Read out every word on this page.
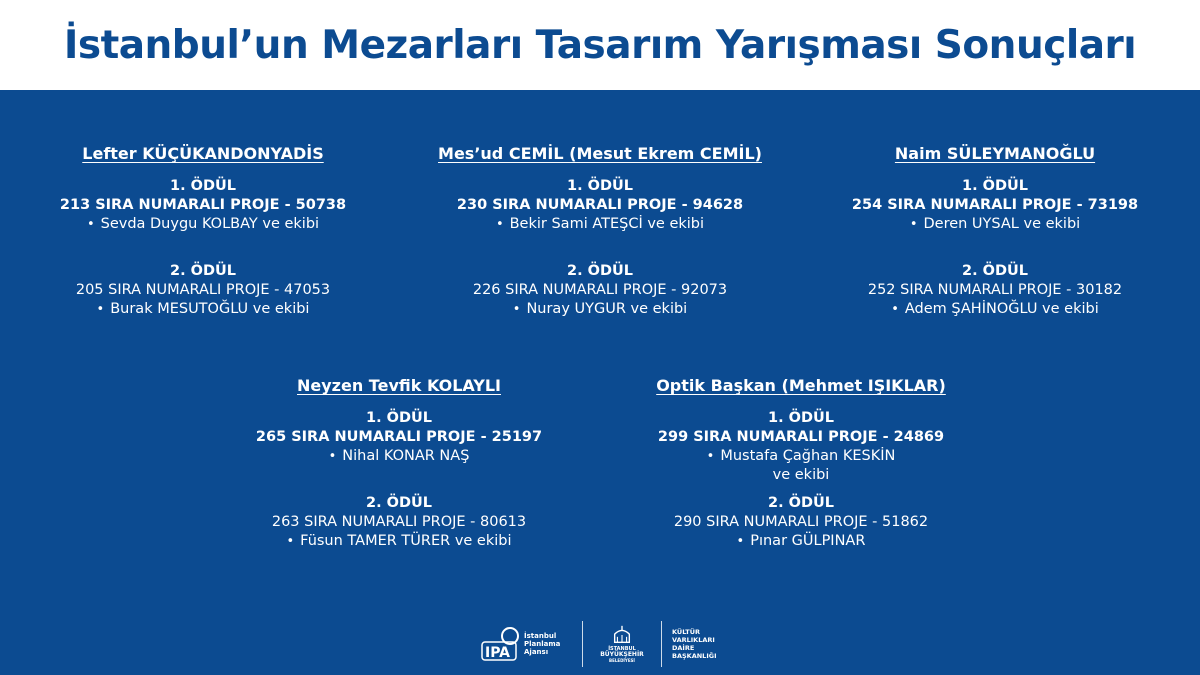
İstanbul’un Mezarları Tasarım Yarışması Sonuçları
Lefter KÜÇÜKANDONYADİS
1. ÖDÜL
213 SIRA NUMARALI PROJE - 50738
• Sevda Duygu KOLBAY ve ekibi
2. ÖDÜL
205 SIRA NUMARALI PROJE - 47053
• Burak MESUTOĞLU ve ekibi
Mes’ud CEMİL (Mesut Ekrem CEMİL)
1. ÖDÜL
230 SIRA NUMARALI PROJE - 94628
• Bekir Sami ATEŞCİ ve ekibi
2. ÖDÜL
226 SIRA NUMARALI PROJE - 92073
• Nuray UYGUR ve ekibi
Naim SÜLEYMANOĞLU
1. ÖDÜL
254 SIRA NUMARALI PROJE - 73198
• Deren UYSAL ve ekibi
2. ÖDÜL
252 SIRA NUMARALI PROJE - 30182
• Adem ŞAHİNOĞLU ve ekibi
Neyzen Tevfik KOLAYLI
1. ÖDÜL
265 SIRA NUMARALI PROJE - 25197
• Nihal KONAR NAŞ
2. ÖDÜL
263 SIRA NUMARALI PROJE - 80613
• Füsun TAMER TÜRER ve ekibi
Optik Başkan (Mehmet IŞIKLAR)
1. ÖDÜL
299 SIRA NUMARALI PROJE - 24869
• Mustafa Çağhan KESKİN
ve ekibi
2. ÖDÜL
290 SIRA NUMARALI PROJE - 51862
• Pınar GÜLPINAR
IPA
İstanbul
Planlama
Ajansı	İSTANBUL
BÜYÜKŞEHİR
BELEDİYESİ
KÜLTÜR
VARLIKLARI
DAİRE
BAŞKANLIĞI
